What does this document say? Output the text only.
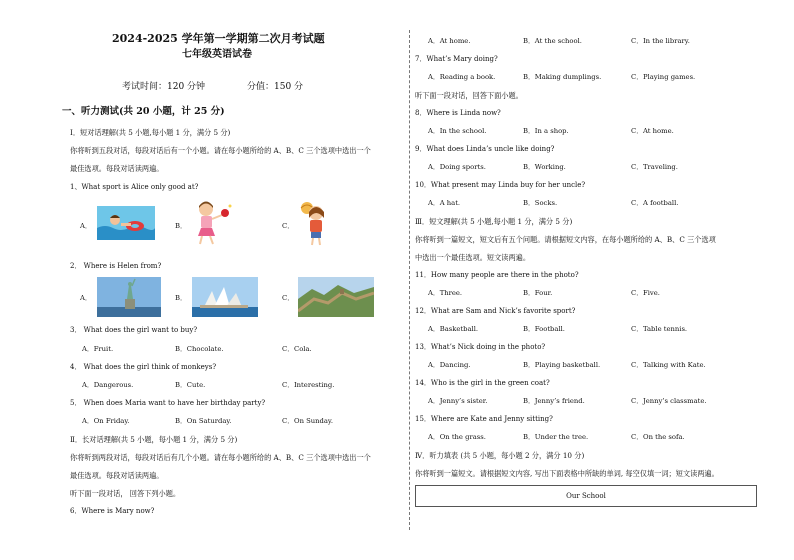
2024-2025 学年第一学期第二次月考试题
七年级英语试卷
考试时间：120 分钟	分值：150 分
一、听力测试(共 20 小题，计 25 分)
Ⅰ．短对话理解(共 5 小题,每小题 1 分，满分 5 分)
你将听到五段对话，每段对话后有一个小题。请在每小题所给的 A、B、C 三个选项中选出一个
最佳选项。每段对话读两遍。
1、What sport is Alice only good at?
A．	B．	C．
2． Where is Helen from?
A．	B．	C．
3． What does the girl want to buy?
A．Fruit.	B．Chocolate.	C．Cola.
4． What does the girl think of monkeys?
A．Dangerous.	B．Cute.	C．Interesting.
5． When does Maria want to have her birthday party?
A．On Friday.	B．On Saturday.	C．On Sunday.
Ⅱ．长对话理解(共 5 小题，每小题 1 分，满分 5 分)
你将听到两段对话，每段对话后有几个小题。请在每小题所给的 A、B、C 三个选项中选出一个
最佳选项。每段对话读两遍。
听下面一段对话， 回答下列小题。
6．Where is Mary now?
A．At home.	B．At the school.	C．In the library.
7．What’s Mary doing?
A．Reading a book.	B．Making dumplings.	C．Playing games.
听下面一段对话，回答下面小题。
8．Where is Linda now?
A．In the school.	B．In a shop.	C．At home.
9．What does Linda’s uncle like doing?
A．Doing sports.	B．Working.	C．Traveling.
10．What present may Linda buy for her uncle?
A．A hat.	B．Socks.	C．A football.
Ⅲ．短文理解(共 5 小题,每小题 1 分，满分 5 分)
你将听到一篇短文，短文后有五个问题。请根据短文内容，在每小题所给的 A、B、C 三个选项
中选出一个最佳选项。短文读两遍。
11．How many people are there in the photo?
A．Three.	B．Four.	C．Five.
12．What are Sam and Nick’s favorite sport?
A．Basketball.	B．Football.	C．Table tennis.
13．What’s Nick doing in the photo?
A．Dancing.	B．Playing basketball.	C．Talking with Kate.
14．Who is the girl in the green coat?
A．Jenny’s sister.	B．Jenny’s friend.	C．Jenny’s classmate.
15．Where are Kate and Jenny sitting?
A．On the grass.	B．Under the tree.	C．On the sofa.
Ⅳ．听力填表 (共 5 小题，每小题 2 分，满分 10 分)
你将听到一篇短文。请根据短文内容, 写出下面表格中所缺的单词, 每空仅填一词；短文读两遍。
Our School
